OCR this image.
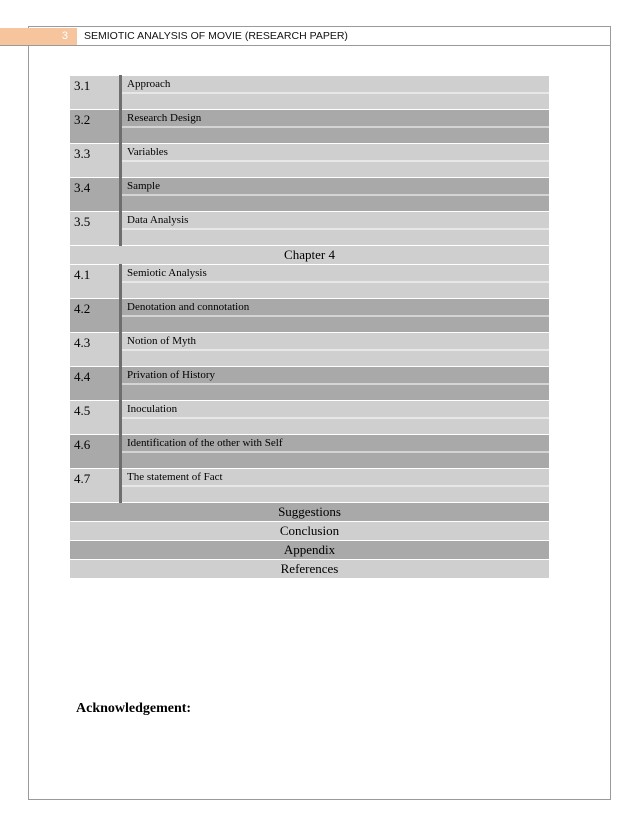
3	SEMIOTIC ANALYSIS OF MOVIE (RESEARCH PAPER)
3.1	Approach
3.2	Research Design
3.3	Variables
3.4	Sample
3.5	Data Analysis
Chapter 4	
4.1	Semiotic Analysis
4.2	Denotation and connotation
4.3	Notion of Myth
4.4	Privation of History
4.5	Inoculation
4.6	Identification of the other with Self
4.7	The statement of Fact
Suggestions	
Conclusion	
Appendix	
References	
Acknowledgement:
